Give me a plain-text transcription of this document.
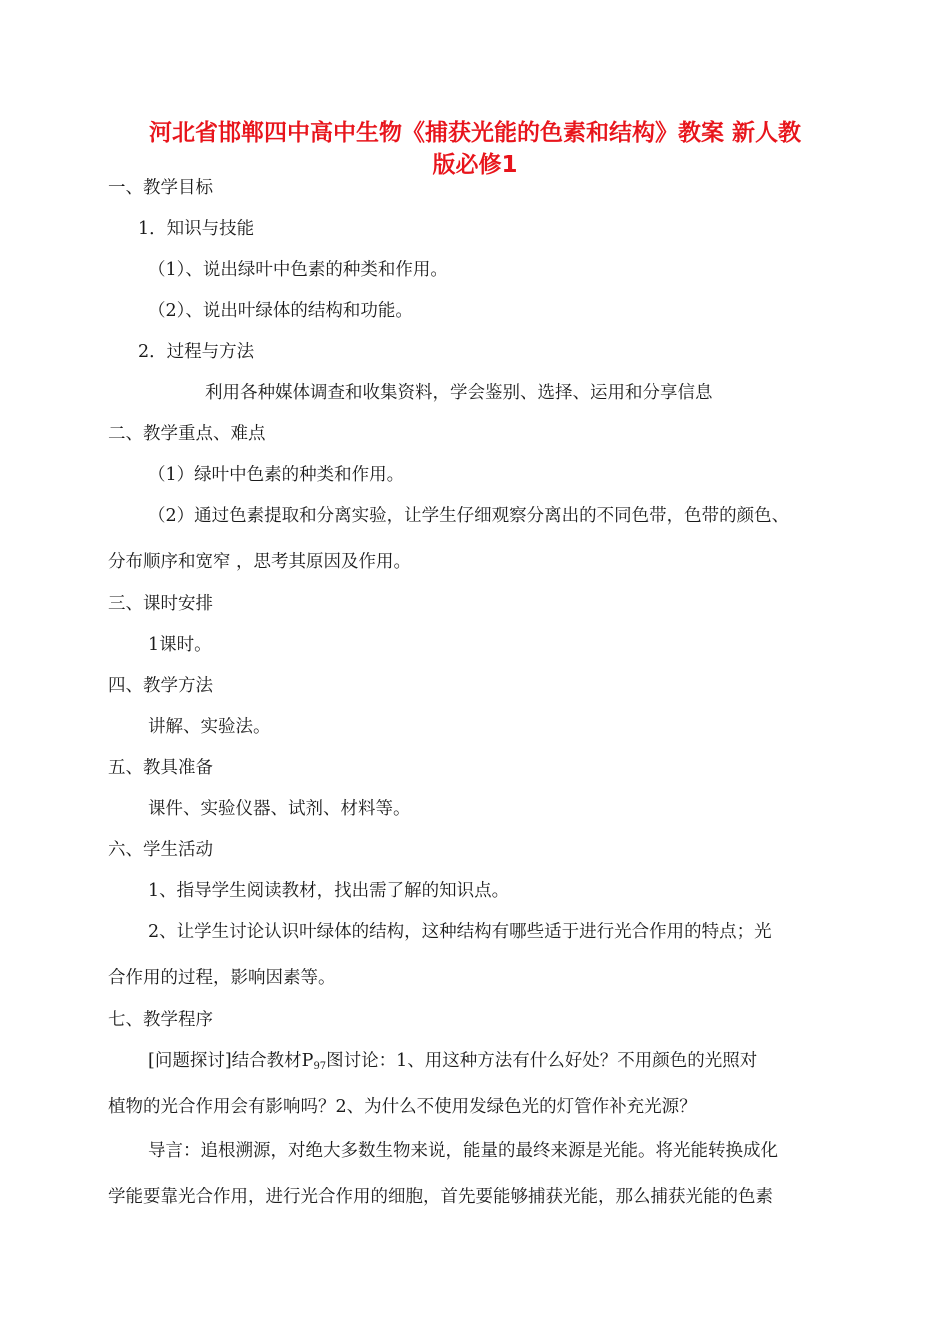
河北省邯郸四中高中生物《捕获光能的色素和结构》教案 新人教
版必修1
一、教学目标
1．知识与技能
（1）、说出绿叶中色素的种类和作用。
（2）、说出叶绿体的结构和功能。
2．过程与方法
利用各种媒体调查和收集资料，学会鉴别、选择、运用和分享信息
二、教学重点、难点
（1）绿叶中色素的种类和作用。
（2）通过色素提取和分离实验，让学生仔细观察分离出的不同色带，色带的颜色、
分布顺序和宽窄 ，思考其原因及作用。
三、课时安排
1课时。
四、教学方法
讲解、实验法。
五、教具准备
课件、实验仪器、试剂、材料等。
六、学生活动
1、指导学生阅读教材，找出需了解的知识点。
2、让学生讨论认识叶绿体的结构，这种结构有哪些适于进行光合作用的特点；光
合作用的过程，影响因素等。
七、教学程序
[问题探讨]结合教材$P_{97}$图讨论：1、用这种方法有什么好处？不用颜色的光照对
植物的光合作用会有影响吗？2、为什么不使用发绿色光的灯管作补充光源？
导言：追根溯源，对绝大多数生物来说，能量的最终来源是光能。将光能转换成化
学能要靠光合作用，进行光合作用的细胞，首先要能够捕获光能，那么捕获光能的色素
